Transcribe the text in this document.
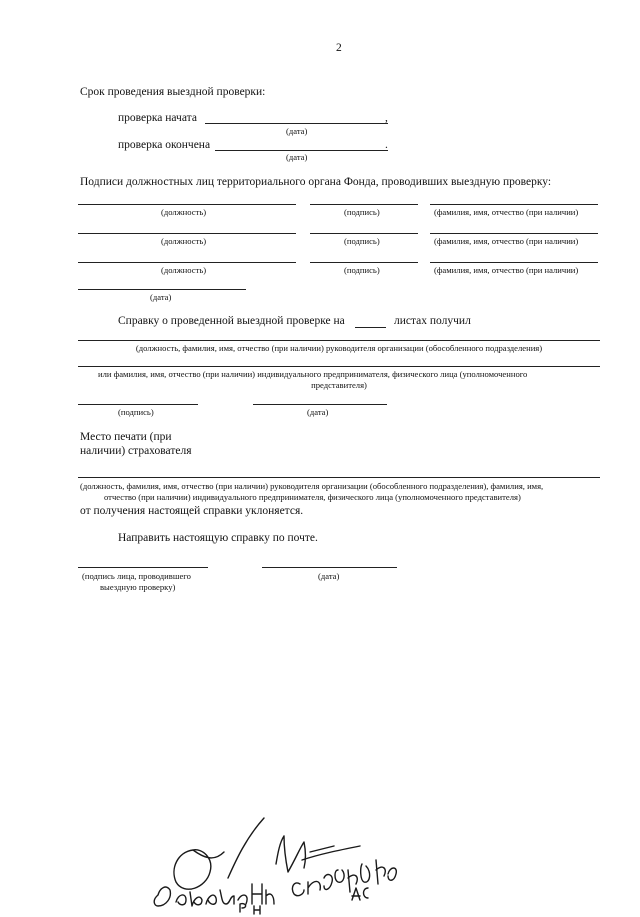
2
Срок проведения выездной проверки:
проверка начата	,
(дата)
проверка окончена	.
(дата)
Подписи должностных лиц территориального органа Фонда, проводивших выездную проверку:
(должность)	(подпись)	(фамилия, имя, отчество (при наличии)
(должность)	(подпись)	(фамилия, имя, отчество (при наличии)
(должность)	(подпись)	(фамилия, имя, отчество (при наличии)
(дата)
Справку о проведенной выездной проверке на	листах получил
(должность, фамилия, имя, отчество (при наличии) руководителя организации (обособленного подразделения)
или фамилия, имя, отчество (при наличии) индивидуального предпринимателя, физического лица (уполномоченного
представителя)
(подпись)	(дата)
Место печати (при
наличии) страхователя
(должность, фамилия, имя, отчество (при наличии) руководителя организации (обособленного подразделения), фамилия, имя,
отчество (при наличии) индивидуального предпринимателя, физического лица (уполномоченного представителя)
от получения настоящей справки уклоняется.
Направить настоящую справку по почте.
(подпись лица, проводившего
выездную проверку)
(дата)
